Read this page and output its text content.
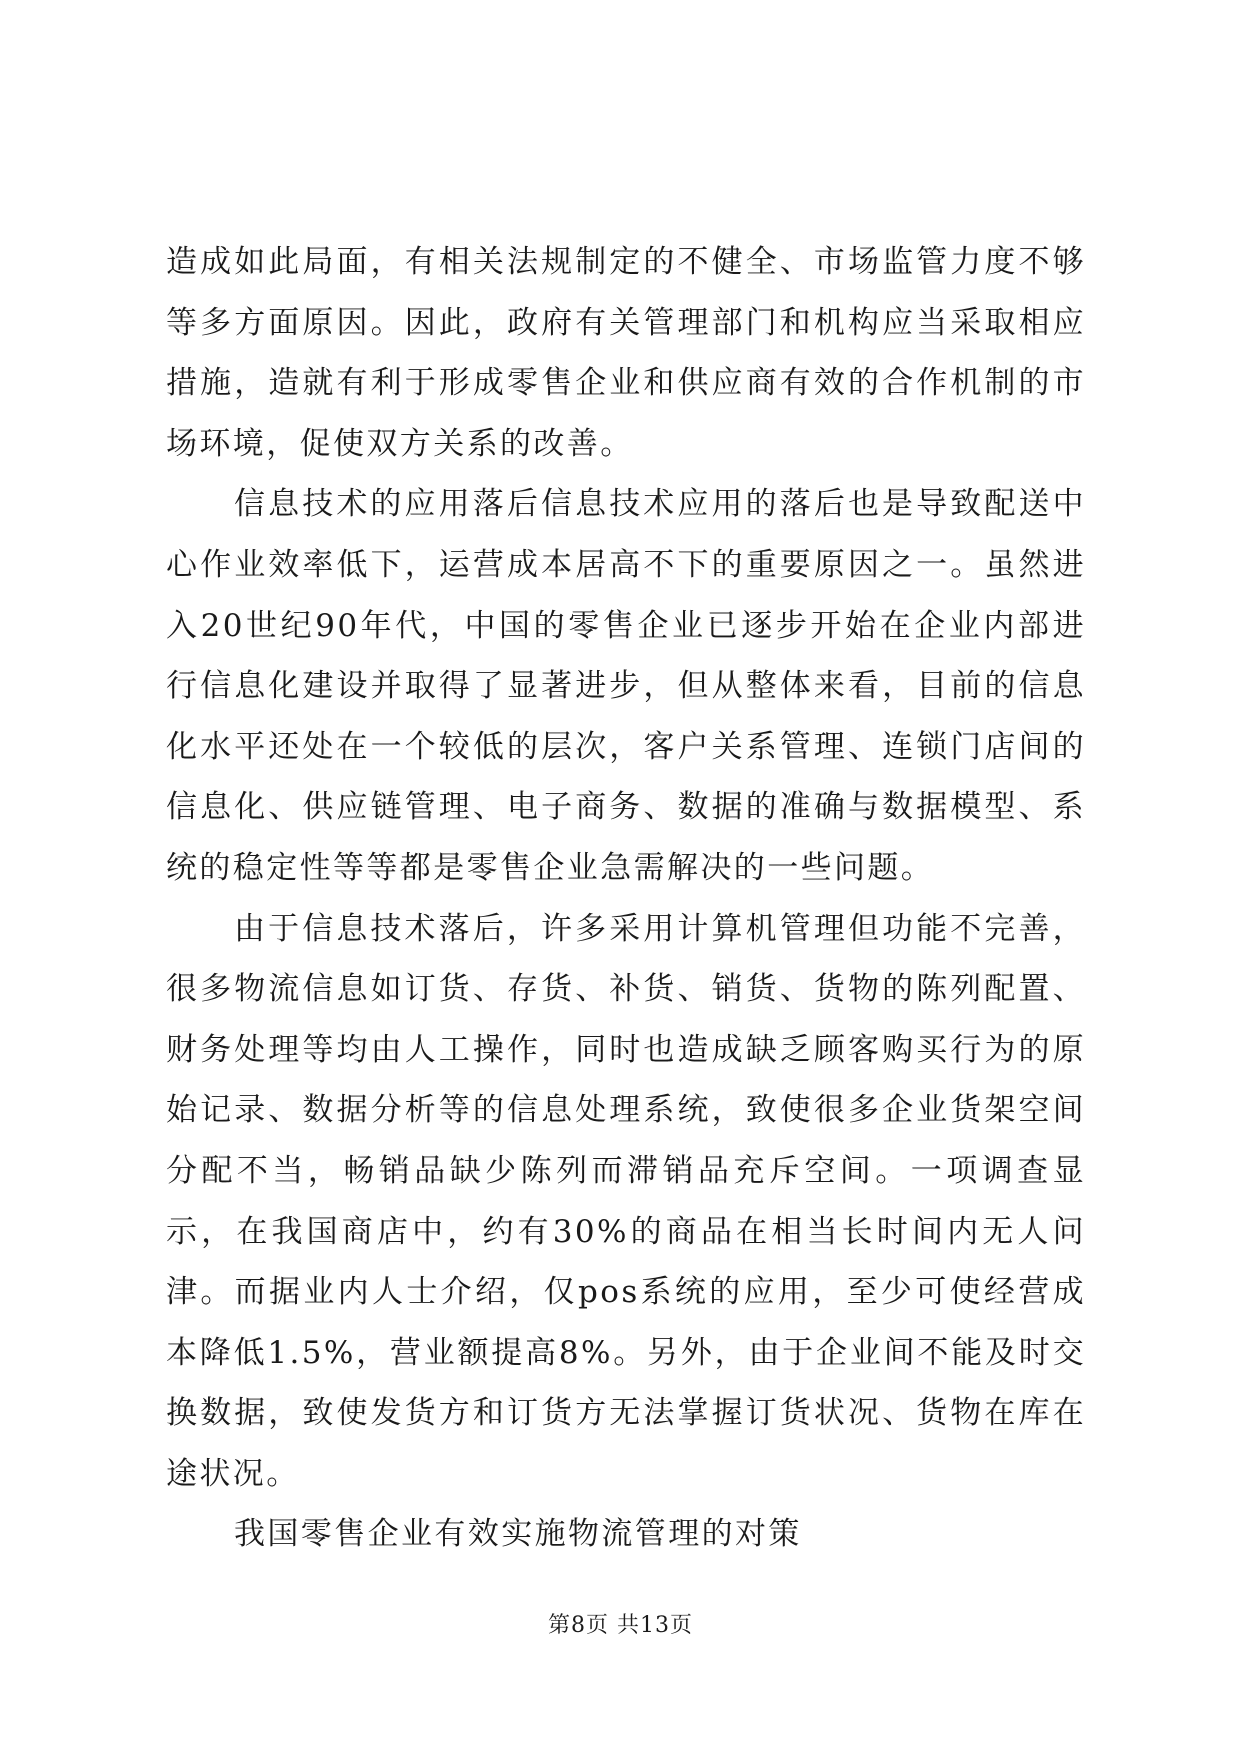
造成如此局面，有相关法规制定的不健全、市场监管力度不够等多方面原因。因此，政府有关管理部门和机构应当采取相应措施，造就有利于形成零售企业和供应商有效的合作机制的市场环境，促使双方关系的改善。

信息技术的应用落后信息技术应用的落后也是导致配送中心作业效率低下，运营成本居高不下的重要原因之一。虽然进入20世纪90年代，中国的零售企业已逐步开始在企业内部进行信息化建设并取得了显著进步，但从整体来看，目前的信息化水平还处在一个较低的层次，客户关系管理、连锁门店间的信息化、供应链管理、电子商务、数据的准确与数据模型、系统的稳定性等等都是零售企业急需解决的一些问题。

由于信息技术落后，许多采用计算机管理但功能不完善，很多物流信息如订货、存货、补货、销货、货物的陈列配置、财务处理等均由人工操作，同时也造成缺乏顾客购买行为的原始记录、数据分析等的信息处理系统，致使很多企业货架空间分配不当，畅销品缺少陈列而滞销品充斥空间。一项调查显示，在我国商店中，约有30%的商品在相当长时间内无人问津。而据业内人士介绍，仅pos系统的应用，至少可使经营成本降低1.5%，营业额提高8%。另外，由于企业间不能及时交换数据，致使发货方和订货方无法掌握订货状况、货物在库在途状况。

我国零售企业有效实施物流管理的对策

第8页 共13页
